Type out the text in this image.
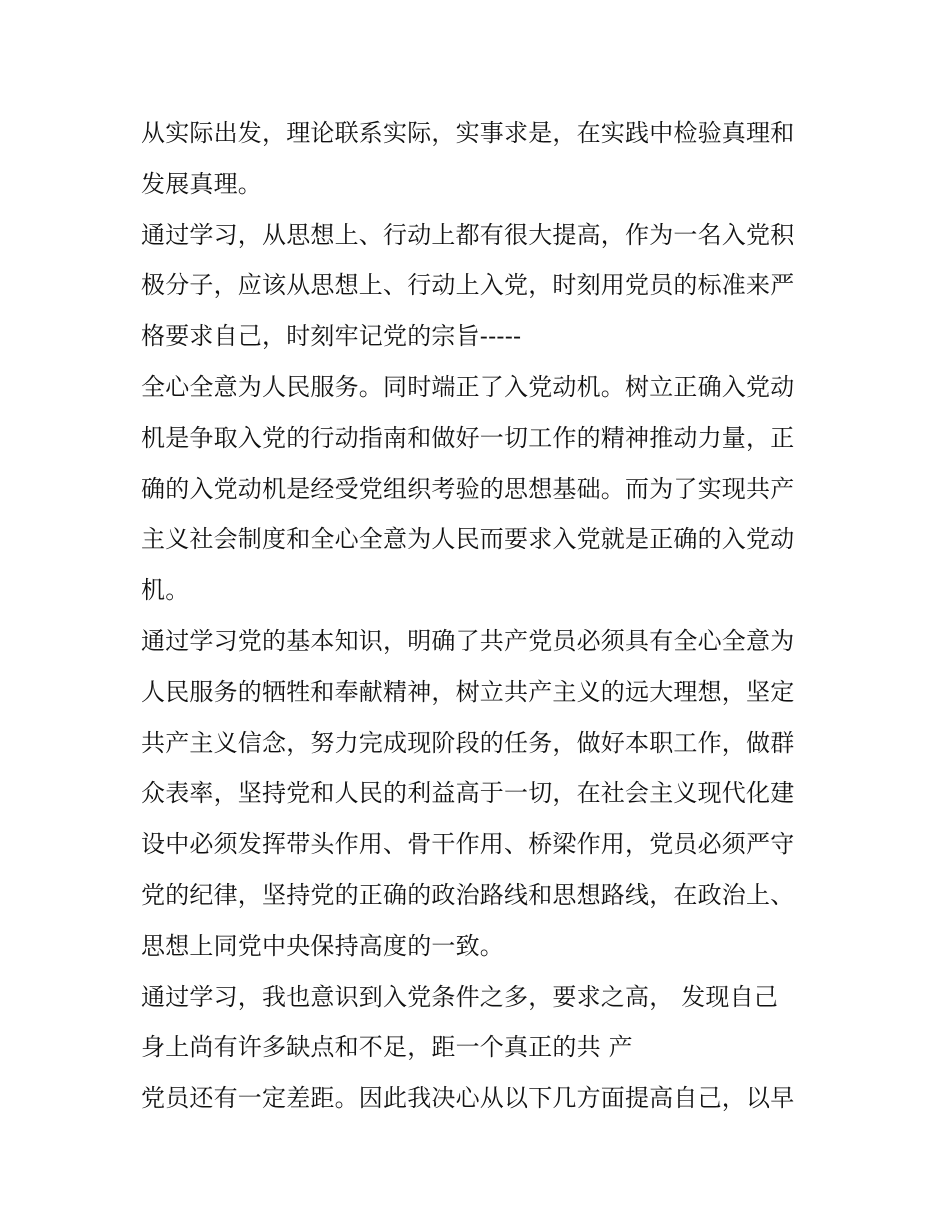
从实际出发，理论联系实际，实事求是，在实践中检验真理和
发展真理。
通过学习，从思想上、行动上都有很大提高，作为一名入党积
极分子，应该从思想上、行动上入党，时刻用党员的标准来严
格要求自己，时刻牢记党的宗旨-----
全心全意为人民服务。同时端正了入党动机。树立正确入党动
机是争取入党的行动指南和做好一切工作的精神推动力量，正
确的入党动机是经受党组织考验的思想基础。而为了实现共产
主义社会制度和全心全意为人民而要求入党就是正确的入党动
机。
通过学习党的基本知识，明确了共产党员必须具有全心全意为
人民服务的牺牲和奉献精神，树立共产主义的远大理想，坚定
共产主义信念，努力完成现阶段的任务，做好本职工作，做群
众表率，坚持党和人民的利益高于一切，在社会主义现代化建
设中必须发挥带头作用、骨干作用、桥梁作用，党员必须严守
党的纪律，坚持党的正确的政治路线和思想路线，在政治上、
思想上同党中央保持高度的一致。
通过学习，我也意识到入党条件之多，要求之高， 发现自己
身上尚有许多缺点和不足，距一个真正的共 产
党员还有一定差距。因此我决心从以下几方面提高自己，以早
